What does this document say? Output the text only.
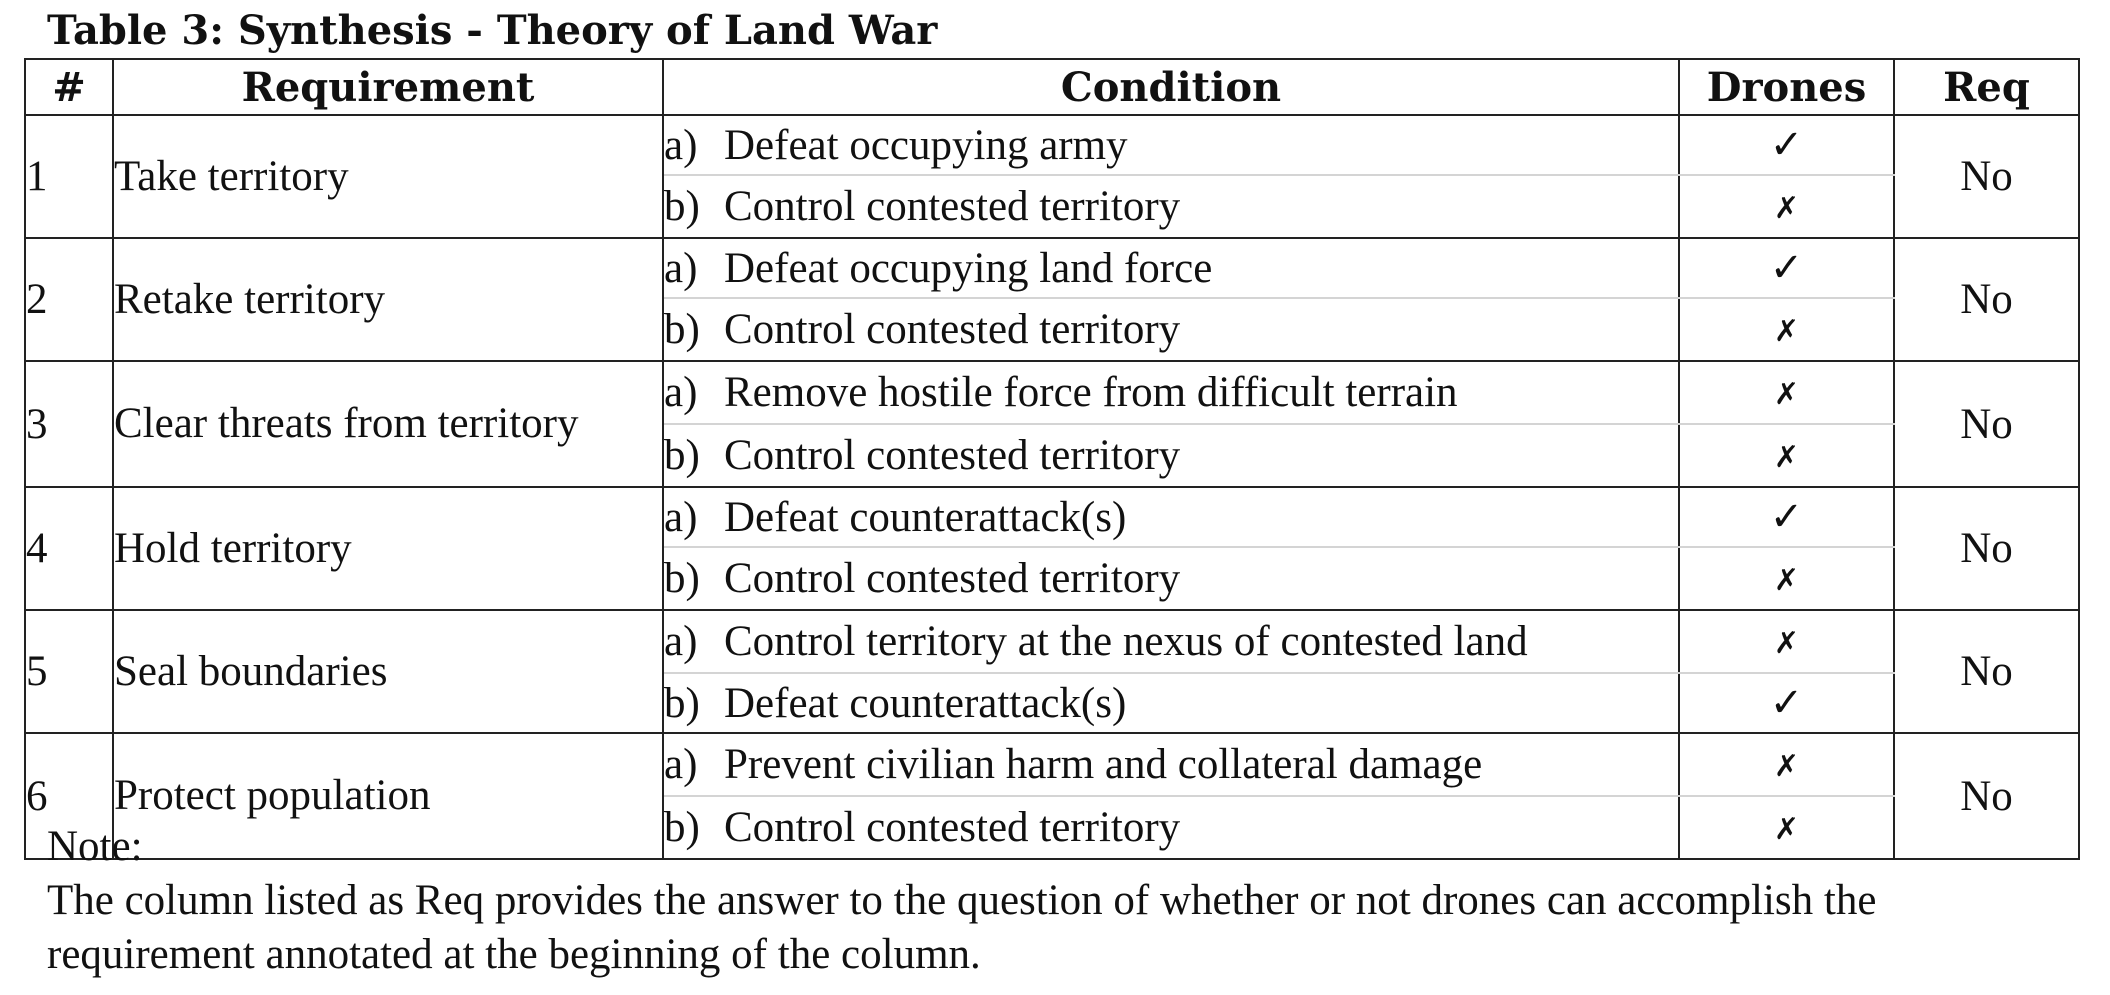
Table 3: Synthesis - Theory of Land War
#	Requirement	Condition	Drones	Req
1	Take territory	a) Defeat occupying army	✓	No
		b) Control contested territory	✗	
2	Retake territory	a) Defeat occupying land force	✓	No
		b) Control contested territory	✗	
3	Clear threats from territory	a) Remove hostile force from difficult terrain	✗	No
		b) Control contested territory	✗	
4	Hold territory	a) Defeat counterattack(s)	✓	No
		b) Control contested territory	✗	
5	Seal boundaries	a) Control territory at the nexus of contested land	✗	No
		b) Defeat counterattack(s)	✓	
6	Protect population	a) Prevent civilian harm and collateral damage	✗	No
		b) Control contested territory	✗	
Note:
The column listed as Req provides the answer to the question of whether or not drones can accomplish the requirement annotated at the beginning of the column.
